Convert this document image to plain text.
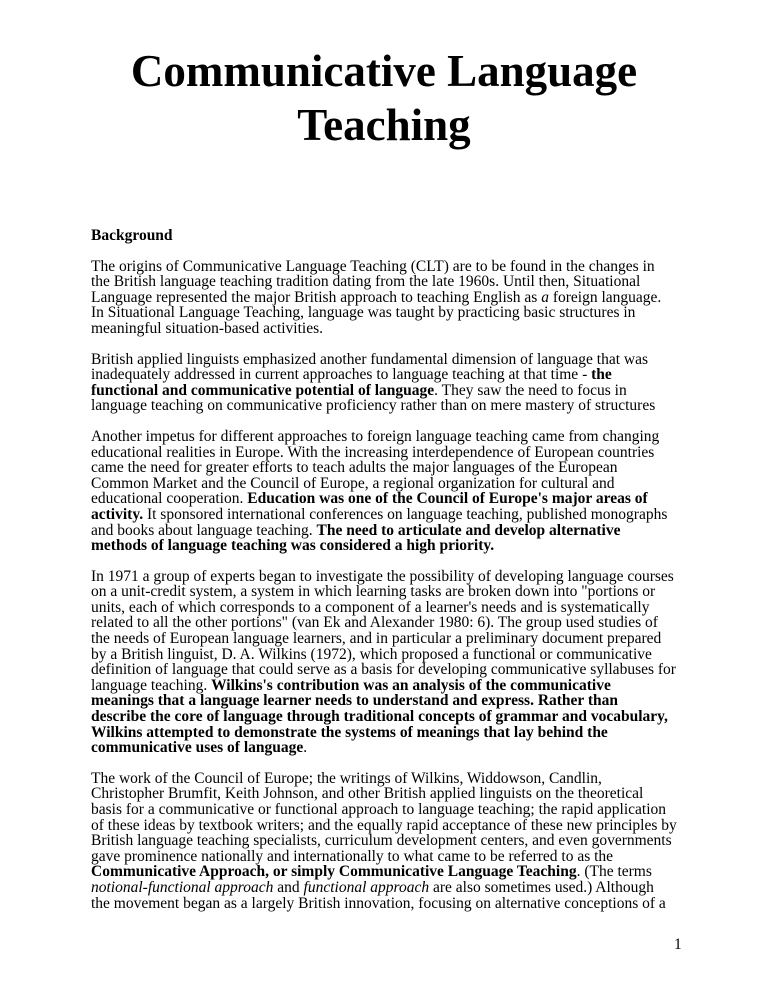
Communicative Language
Teaching

Background

The origins of Communicative Language Teaching (CLT) are to be found in the changes in
the British language teaching tradition dating from the late 1960s. Until then, Situational
Language represented the major British approach to teaching English as a foreign language.
In Situational Language Teaching, language was taught by practicing basic structures in
meaningful situation-based activities.

British applied linguists emphasized another fundamental dimension of language that was
inadequately addressed in current approaches to language teaching at that time - the
functional and communicative potential of language. They saw the need to focus in
language teaching on communicative proficiency rather than on mere mastery of structures

Another impetus for different approaches to foreign language teaching came from changing
educational realities in Europe. With the increasing interdependence of European countries
came the need for greater efforts to teach adults the major languages of the European
Common Market and the Council of Europe, a regional organization for cultural and
educational cooperation. Education was one of the Council of Europe's major areas of
activity. It sponsored international conferences on language teaching, published monographs
and books about language teaching. The need to articulate and develop alternative
methods of language teaching was considered a high priority.

In 1971 a group of experts began to investigate the possibility of developing language courses
on a unit-credit system, a system in which learning tasks are broken down into "portions or
units, each of which corresponds to a component of a learner's needs and is systematically
related to all the other portions" (van Ek and Alexander 1980: 6). The group used studies of
the needs of European language learners, and in particular a preliminary document prepared
by a British linguist, D. A. Wilkins (1972), which proposed a functional or communicative
definition of language that could serve as a basis for developing communicative syllabuses for
language teaching. Wilkins's contribution was an analysis of the communicative
meanings that a language learner needs to understand and express. Rather than
describe the core of language through traditional concepts of grammar and vocabulary,
Wilkins attempted to demonstrate the systems of meanings that lay behind the
communicative uses of language.

The work of the Council of Europe; the writings of Wilkins, Widdowson, Candlin,
Christopher Brumfit, Keith Johnson, and other British applied linguists on the theoretical
basis for a communicative or functional approach to language teaching; the rapid application
of these ideas by textbook writers; and the equally rapid acceptance of these new principles by
British language teaching specialists, curriculum development centers, and even governments
gave prominence nationally and internationally to what came to be referred to as the
Communicative Approach, or simply Communicative Language Teaching. (The terms
notional-functional approach and functional approach are also sometimes used.) Although
the movement began as a largely British innovation, focusing on alternative conceptions of a

1
